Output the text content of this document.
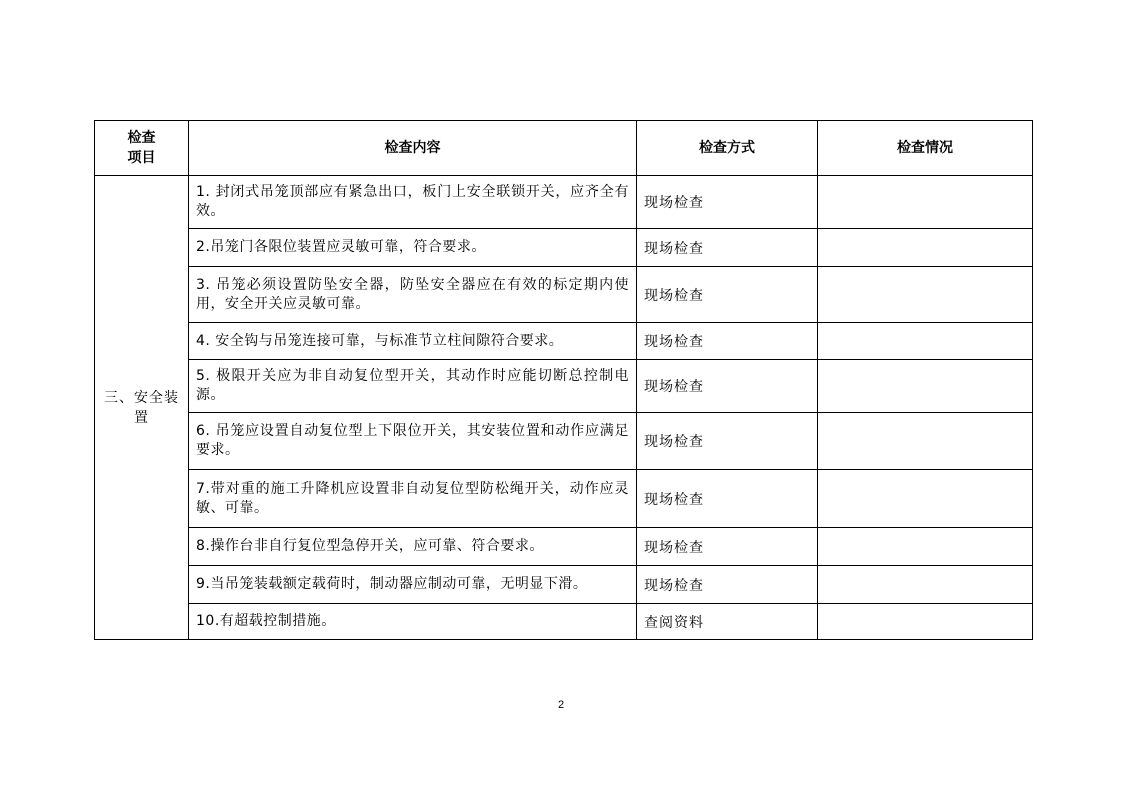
检查项目	检查内容	检查方式	检查情况
三、安全装置	1. 封闭式吊笼顶部应有紧急出口，板门上安全联锁开关，应齐全有效。	现场检查	
	2.吊笼门各限位装置应灵敏可靠，符合要求。	现场检查	
	3. 吊笼必须设置防坠安全器，防坠安全器应在有效的标定期内使用，安全开关应灵敏可靠。	现场检查	
	4. 安全钩与吊笼连接可靠，与标准节立柱间隙符合要求。	现场检查	
	5. 极限开关应为非自动复位型开关，其动作时应能切断总控制电源。	现场检查	
	6. 吊笼应设置自动复位型上下限位开关，其安装位置和动作应满足要求。	现场检查	
	7.带对重的施工升降机应设置非自动复位型防松绳开关，动作应灵敏、可靠。	现场检查	
	8.操作台非自行复位型急停开关，应可靠、符合要求。	现场检查	
	9.当吊笼装载额定载荷时，制动器应制动可靠，无明显下滑。	现场检查	
	10.有超载控制措施。	查阅资料	
2
